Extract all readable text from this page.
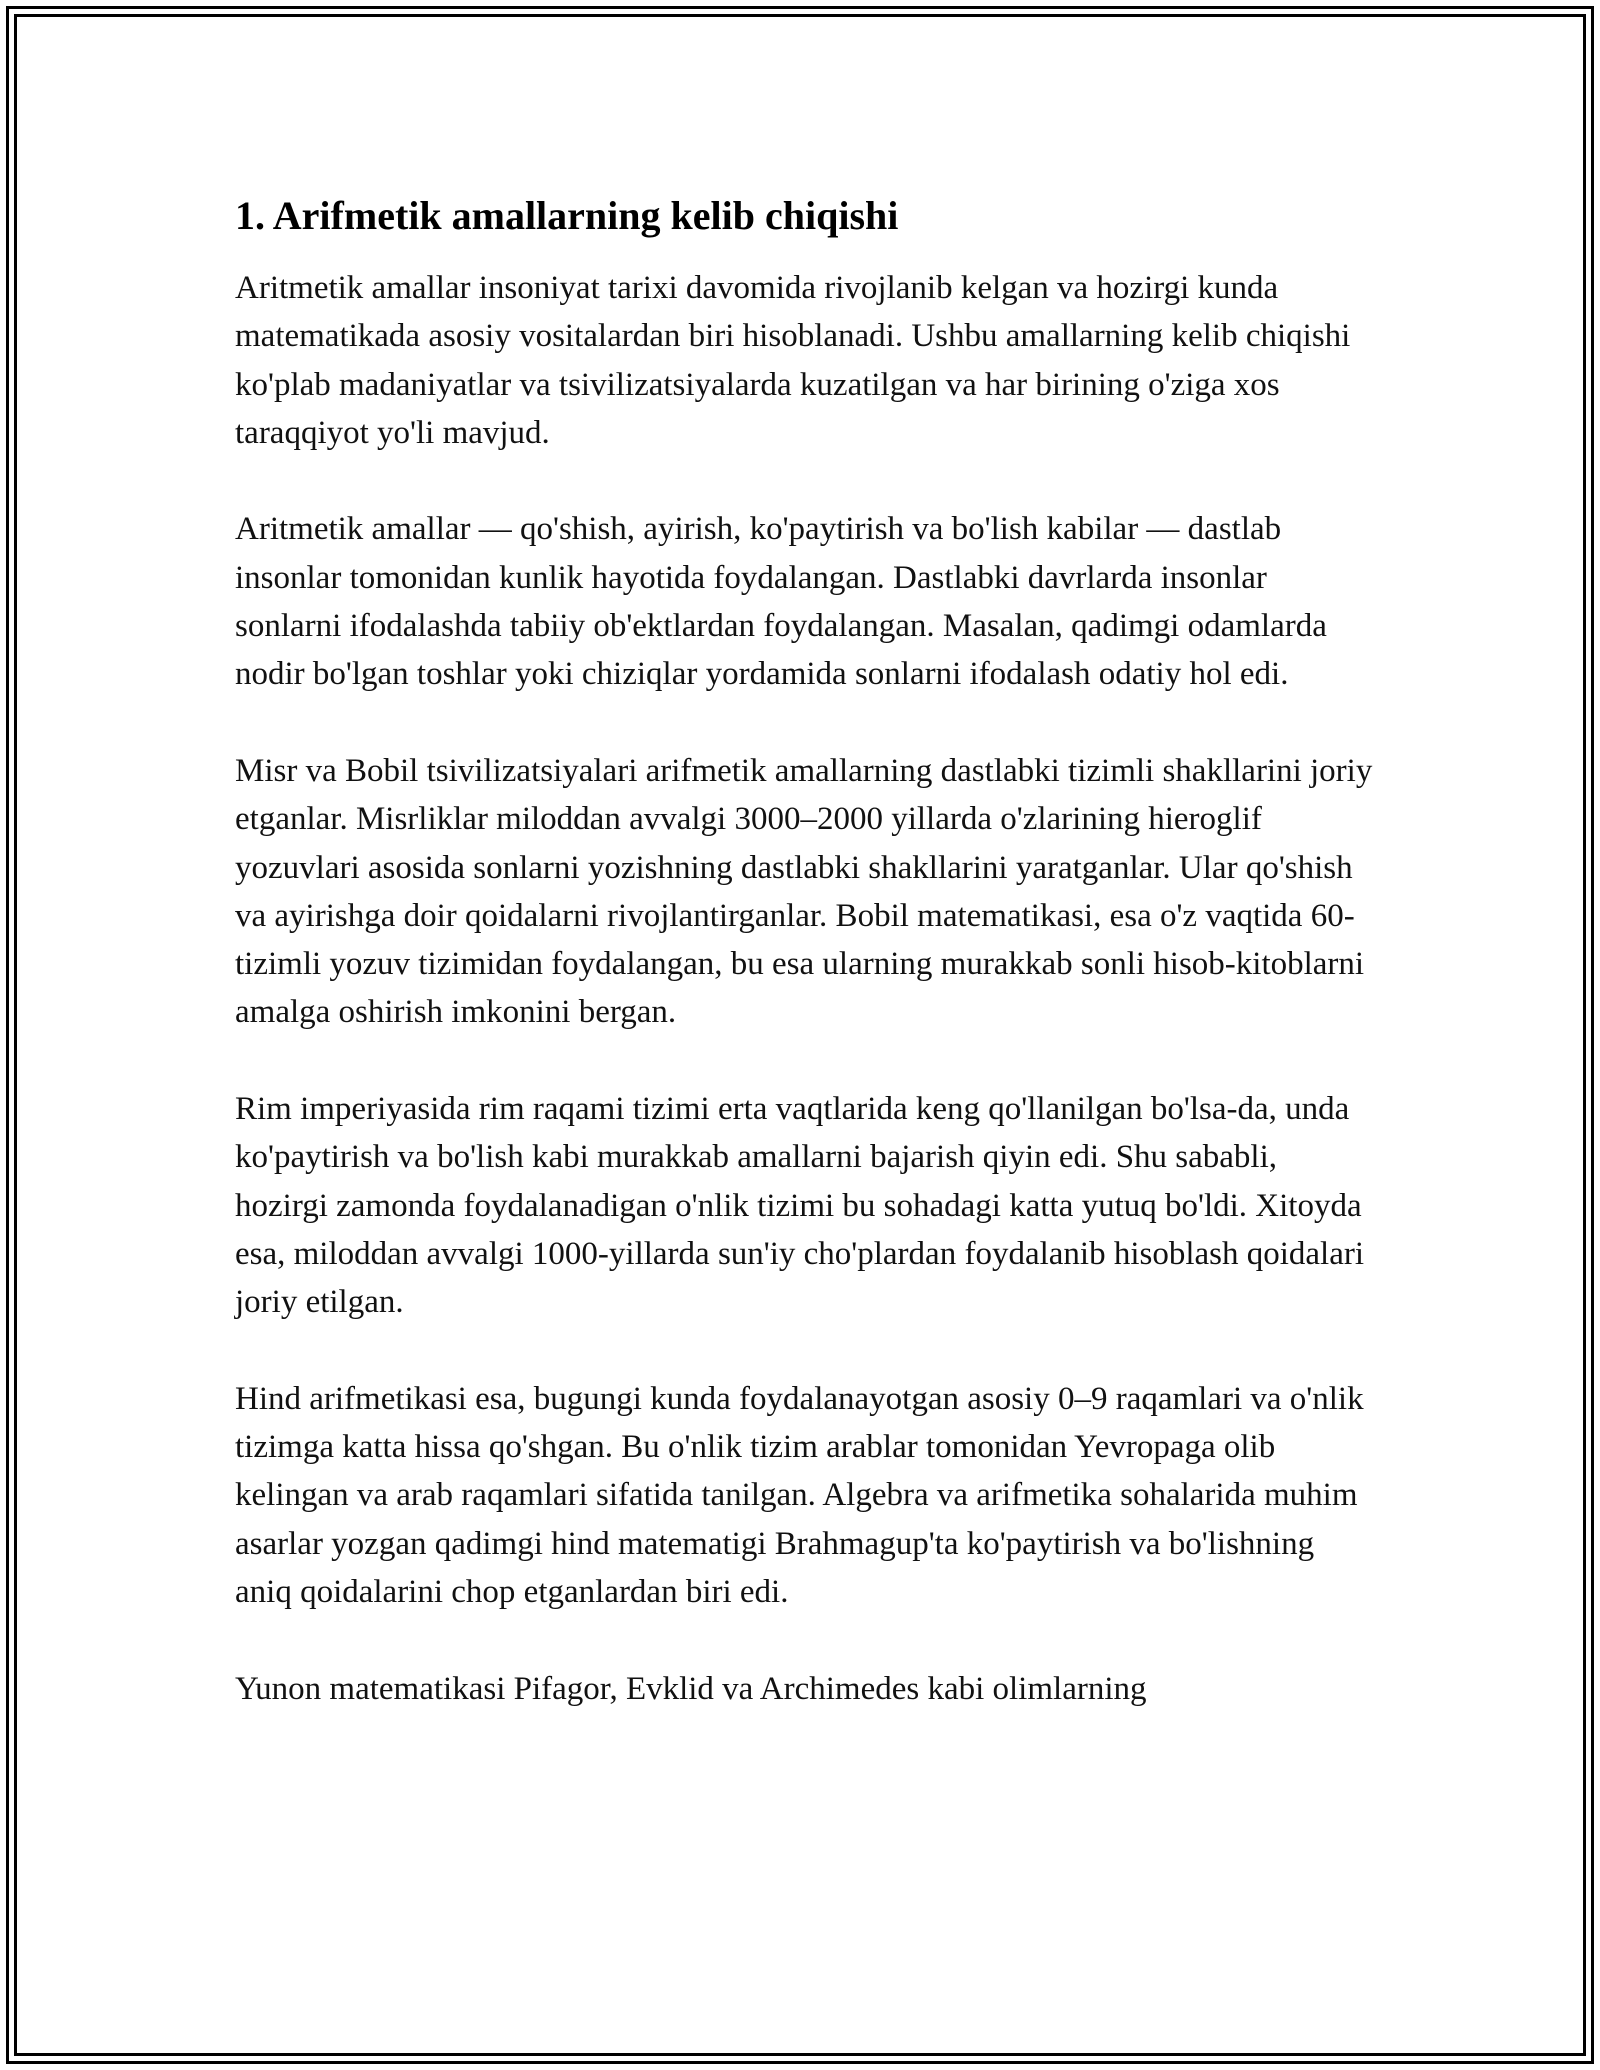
1. Arifmetik amallarning kelib chiqishi

Aritmetik amallar insoniyat tarixi davomida rivojlanib kelgan va hozirgi kunda matematikada asosiy vositalardan biri hisoblanadi. Ushbu amallarning kelib chiqishi ko'plab madaniyatlar va tsivilizatsiyalarda kuzatilgan va har birining o'ziga xos taraqqiyot yo'li mavjud.

Aritmetik amallar — qo'shish, ayirish, ko'paytirish va bo'lish kabilar — dastlab insonlar tomonidan kunlik hayotida foydalangan. Dastlabki davrlarda insonlar sonlarni ifodalashda tabiiy ob'ektlardan foydalangan. Masalan, qadimgi odamlarda nodir bo'lgan toshlar yoki chiziqlar yordamida sonlarni ifodalash odatiy hol edi.

Misr va Bobil tsivilizatsiyalari arifmetik amallarning dastlabki tizimli shakllarini joriy etganlar. Misrliklar miloddan avvalgi 3000–2000 yillarda o'zlarining hieroglif yozuvlari asosida sonlarni yozishning dastlabki shakllarini yaratganlar. Ular qo'shish va ayirishga doir qoidalarni rivojlantirganlar. Bobil matematikasi, esa o'z vaqtida 60-tizimli yozuv tizimidan foydalangan, bu esa ularning murakkab sonli hisob-kitoblarni amalga oshirish imkonini bergan.

Rim imperiyasida rim raqami tizimi erta vaqtlarida keng qo'llanilgan bo'lsa-da, unda ko'paytirish va bo'lish kabi murakkab amallarni bajarish qiyin edi. Shu sababli, hozirgi zamonda foydalanadigan o'nlik tizimi bu sohadagi katta yutuq bo'ldi. Xitoyda esa, miloddan avvalgi 1000-yillarda sun'iy cho'plardan foydalanib hisoblash qoidalari joriy etilgan.

Hind arifmetikasi esa, bugungi kunda foydalanayotgan asosiy 0–9 raqamlari va o'nlik tizimga katta hissa qo'shgan. Bu o'nlik tizim arablar tomonidan Yevropaga olib kelingan va arab raqamlari sifatida tanilgan. Algebra va arifmetika sohalarida muhim asarlar yozgan qadimgi hind matematigi Brahmagup'ta ko'paytirish va bo'lishning aniq qoidalarini chop etganlardan biri edi.

Yunon matematikasi Pifagor, Evklid va Archimedes kabi olimlarning
